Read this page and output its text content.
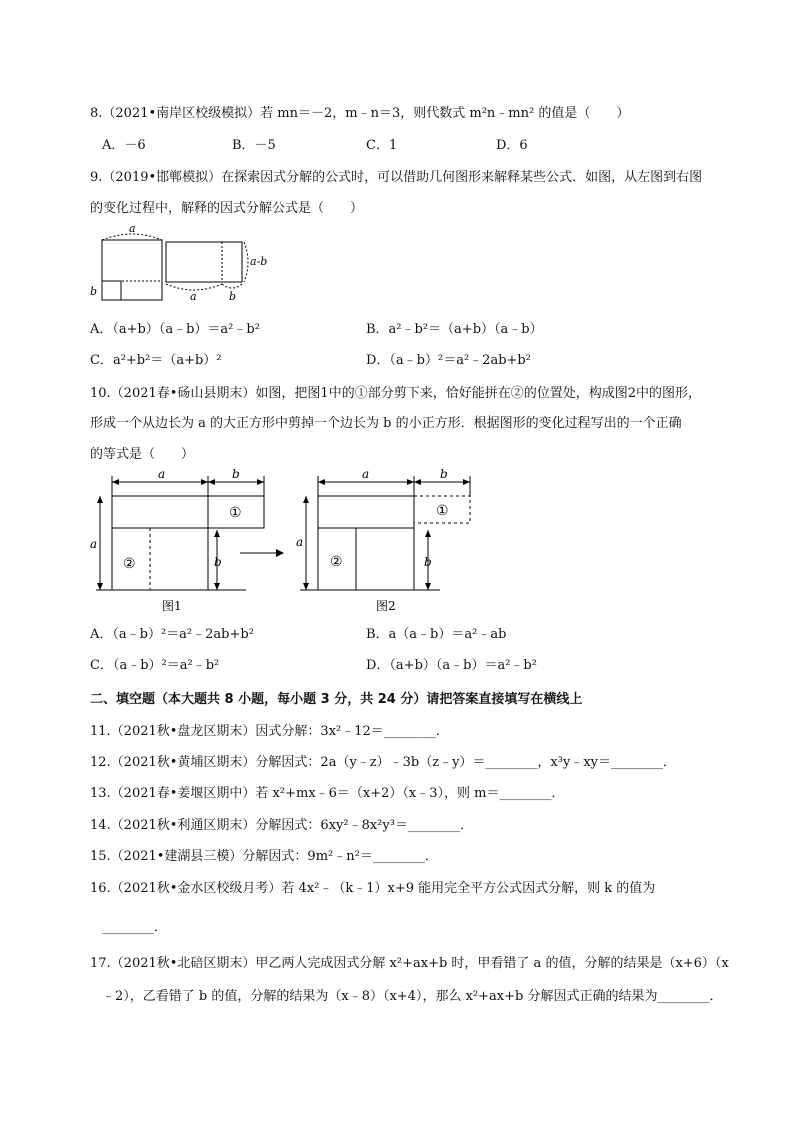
8.（2021•南岸区校级模拟）若 mn＝－2，m﹣n＝3，则代数式 m²n﹣mn² 的值是（　　）
A．－6	B．－5	C．1	D．6
9.（2019•邯郸模拟）在探索因式分解的公式时，可以借助几何图形来解释某些公式．如图，从左图到右图
的变化过程中，解释的因式分解公式是（　　）
a
b	a	b
a-b
A．（a+b）（a﹣b）＝a²﹣b²	B．a²﹣b²＝（a+b）（a﹣b）
C．a²+b²＝（a+b）²	D．（a﹣b）²＝a²﹣2ab+b²
10.（2021春•砀山县期末）如图，把图1中的①部分剪下来，恰好能拼在②的位置处，构成图2中的图形，
形成一个从边长为 a 的大正方形中剪掉一个边长为 b 的小正方形．根据图形的变化过程写出的一个正确
的等式是（　　）
a	b
①
②
a
b
图1
a	b
①
②
a
b
图2
A．（a﹣b）²＝a²﹣2ab+b²	B．a（a﹣b）＝a²﹣ab
C．（a﹣b）²＝a²﹣b²	D．（a+b）（a﹣b）＝a²﹣b²
二、填空题（本大题共 8 小题，每小题 3 分，共 24 分）请把答案直接填写在横线上
11.（2021秋•盘龙区期末）因式分解：3x²﹣12＝________．
12.（2021秋•黄埔区期末）分解因式：2a（y﹣z）﹣3b（z﹣y）＝________，x³y﹣xy＝________．
13.（2021春•姜堰区期中）若 x²+mx﹣6＝（x+2）（x﹣3），则 m＝________．
14.（2021秋•利通区期末）分解因式：6xy²﹣8x²y³＝________．
15.（2021•建湖县三模）分解因式：9m²﹣n²＝________．
16.（2021秋•金水区校级月考）若 4x²﹣（k﹣1）x+9 能用完全平方公式因式分解，则 k 的值为
________．
17.（2021秋•北碚区期末）甲乙两人完成因式分解 x²+ax+b 时，甲看错了 a 的值，分解的结果是（x+6）（x
﹣2），乙看错了 b 的值，分解的结果为（x﹣8）（x+4），那么 x²+ax+b 分解因式正确的结果为________．
